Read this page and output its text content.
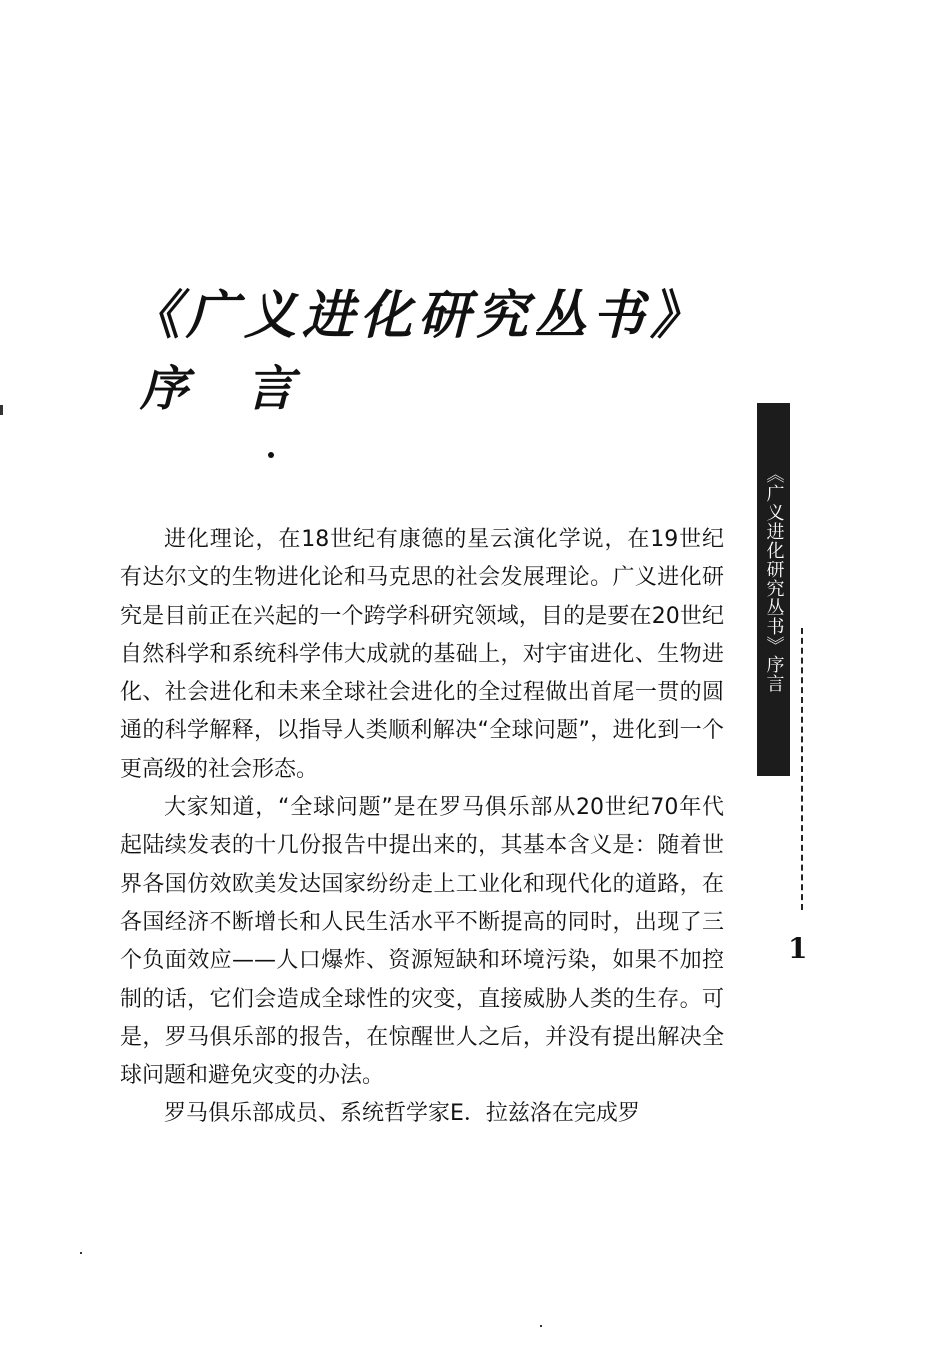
《广义进化研究丛书》
序言

进化理论，在18世纪有康德的星云演化学说，在19世纪有达尔文的生物进化论和马克思的社会发展理论。广义进化研究是目前正在兴起的一个跨学科研究领域，目的是要在20世纪自然科学和系统科学伟大成就的基础上，对宇宙进化、生物进化、社会进化和未来全球社会进化的全过程做出首尾一贯的圆通的科学解释，以指导人类顺利解决“全球问题”，进化到一个更高级的社会形态。

大家知道，“全球问题”是在罗马俱乐部从20世纪70年代起陆续发表的十几份报告中提出来的，其基本含义是：随着世界各国仿效欧美发达国家纷纷走上工业化和现代化的道路，在各国经济不断增长和人民生活水平不断提高的同时，出现了三个负面效应——人口爆炸、资源短缺和环境污染，如果不加控制的话，它们会造成全球性的灾变，直接威胁人类的生存。可是，罗马俱乐部的报告，在惊醒世人之后，并没有提出解决全球问题和避免灾变的办法。

罗马俱乐部成员、系统哲学家E．拉兹洛在完成罗

《广义进化研究丛书》序言
1
